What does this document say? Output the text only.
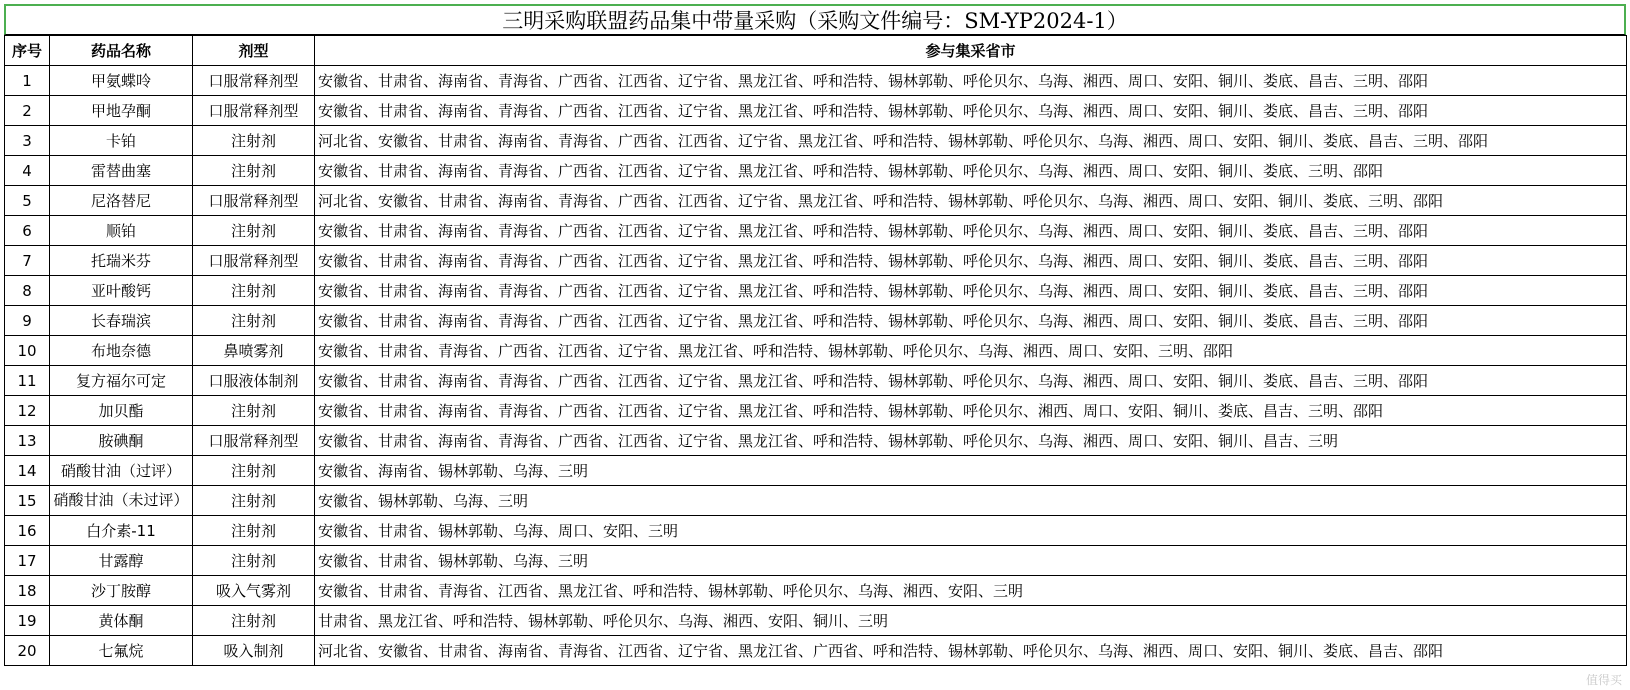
三明采购联盟药品集中带量采购（采购文件编号：SM-YP2024-1）
序号	药品名称	剂型	参与集采省市
1	甲氨蝶呤	口服常释剂型	安徽省、甘肃省、海南省、青海省、广西省、江西省、辽宁省、黑龙江省、呼和浩特、锡林郭勒、呼伦贝尔、乌海、湘西、周口、安阳、铜川、娄底、昌吉、三明、邵阳
2	甲地孕酮	口服常释剂型	安徽省、甘肃省、海南省、青海省、广西省、江西省、辽宁省、黑龙江省、呼和浩特、锡林郭勒、呼伦贝尔、乌海、湘西、周口、安阳、铜川、娄底、昌吉、三明、邵阳
3	卡铂	注射剂	河北省、安徽省、甘肃省、海南省、青海省、广西省、江西省、辽宁省、黑龙江省、呼和浩特、锡林郭勒、呼伦贝尔、乌海、湘西、周口、安阳、铜川、娄底、昌吉、三明、邵阳
4	雷替曲塞	注射剂	安徽省、甘肃省、海南省、青海省、广西省、江西省、辽宁省、黑龙江省、呼和浩特、锡林郭勒、呼伦贝尔、乌海、湘西、周口、安阳、铜川、娄底、三明、邵阳
5	尼洛替尼	口服常释剂型	河北省、安徽省、甘肃省、海南省、青海省、广西省、江西省、辽宁省、黑龙江省、呼和浩特、锡林郭勒、呼伦贝尔、乌海、湘西、周口、安阳、铜川、娄底、三明、邵阳
6	顺铂	注射剂	安徽省、甘肃省、海南省、青海省、广西省、江西省、辽宁省、黑龙江省、呼和浩特、锡林郭勒、呼伦贝尔、乌海、湘西、周口、安阳、铜川、娄底、昌吉、三明、邵阳
7	托瑞米芬	口服常释剂型	安徽省、甘肃省、海南省、青海省、广西省、江西省、辽宁省、黑龙江省、呼和浩特、锡林郭勒、呼伦贝尔、乌海、湘西、周口、安阳、铜川、娄底、昌吉、三明、邵阳
8	亚叶酸钙	注射剂	安徽省、甘肃省、海南省、青海省、广西省、江西省、辽宁省、黑龙江省、呼和浩特、锡林郭勒、呼伦贝尔、乌海、湘西、周口、安阳、铜川、娄底、昌吉、三明、邵阳
9	长春瑞滨	注射剂	安徽省、甘肃省、海南省、青海省、广西省、江西省、辽宁省、黑龙江省、呼和浩特、锡林郭勒、呼伦贝尔、乌海、湘西、周口、安阳、铜川、娄底、昌吉、三明、邵阳
10	布地奈德	鼻喷雾剂	安徽省、甘肃省、青海省、广西省、江西省、辽宁省、黑龙江省、呼和浩特、锡林郭勒、呼伦贝尔、乌海、湘西、周口、安阳、三明、邵阳
11	复方福尔可定	口服液体制剂	安徽省、甘肃省、海南省、青海省、广西省、江西省、辽宁省、黑龙江省、呼和浩特、锡林郭勒、呼伦贝尔、乌海、湘西、周口、安阳、铜川、娄底、昌吉、三明、邵阳
12	加贝酯	注射剂	安徽省、甘肃省、海南省、青海省、广西省、江西省、辽宁省、黑龙江省、呼和浩特、锡林郭勒、呼伦贝尔、湘西、周口、安阳、铜川、娄底、昌吉、三明、邵阳
13	胺碘酮	口服常释剂型	安徽省、甘肃省、海南省、青海省、广西省、江西省、辽宁省、黑龙江省、呼和浩特、锡林郭勒、呼伦贝尔、乌海、湘西、周口、安阳、铜川、昌吉、三明
14	硝酸甘油（过评）	注射剂	安徽省、海南省、锡林郭勒、乌海、三明
15	硝酸甘油（未过评）	注射剂	安徽省、锡林郭勒、乌海、三明
16	白介素-11	注射剂	安徽省、甘肃省、锡林郭勒、乌海、周口、安阳、三明
17	甘露醇	注射剂	安徽省、甘肃省、锡林郭勒、乌海、三明
18	沙丁胺醇	吸入气雾剂	安徽省、甘肃省、青海省、江西省、黑龙江省、呼和浩特、锡林郭勒、呼伦贝尔、乌海、湘西、安阳、三明
19	黄体酮	注射剂	甘肃省、黑龙江省、呼和浩特、锡林郭勒、呼伦贝尔、乌海、湘西、安阳、铜川、三明
20	七氟烷	吸入制剂	河北省、安徽省、甘肃省、海南省、青海省、江西省、辽宁省、黑龙江省、广西省、呼和浩特、锡林郭勒、呼伦贝尔、乌海、湘西、周口、安阳、铜川、娄底、昌吉、邵阳
值得买
